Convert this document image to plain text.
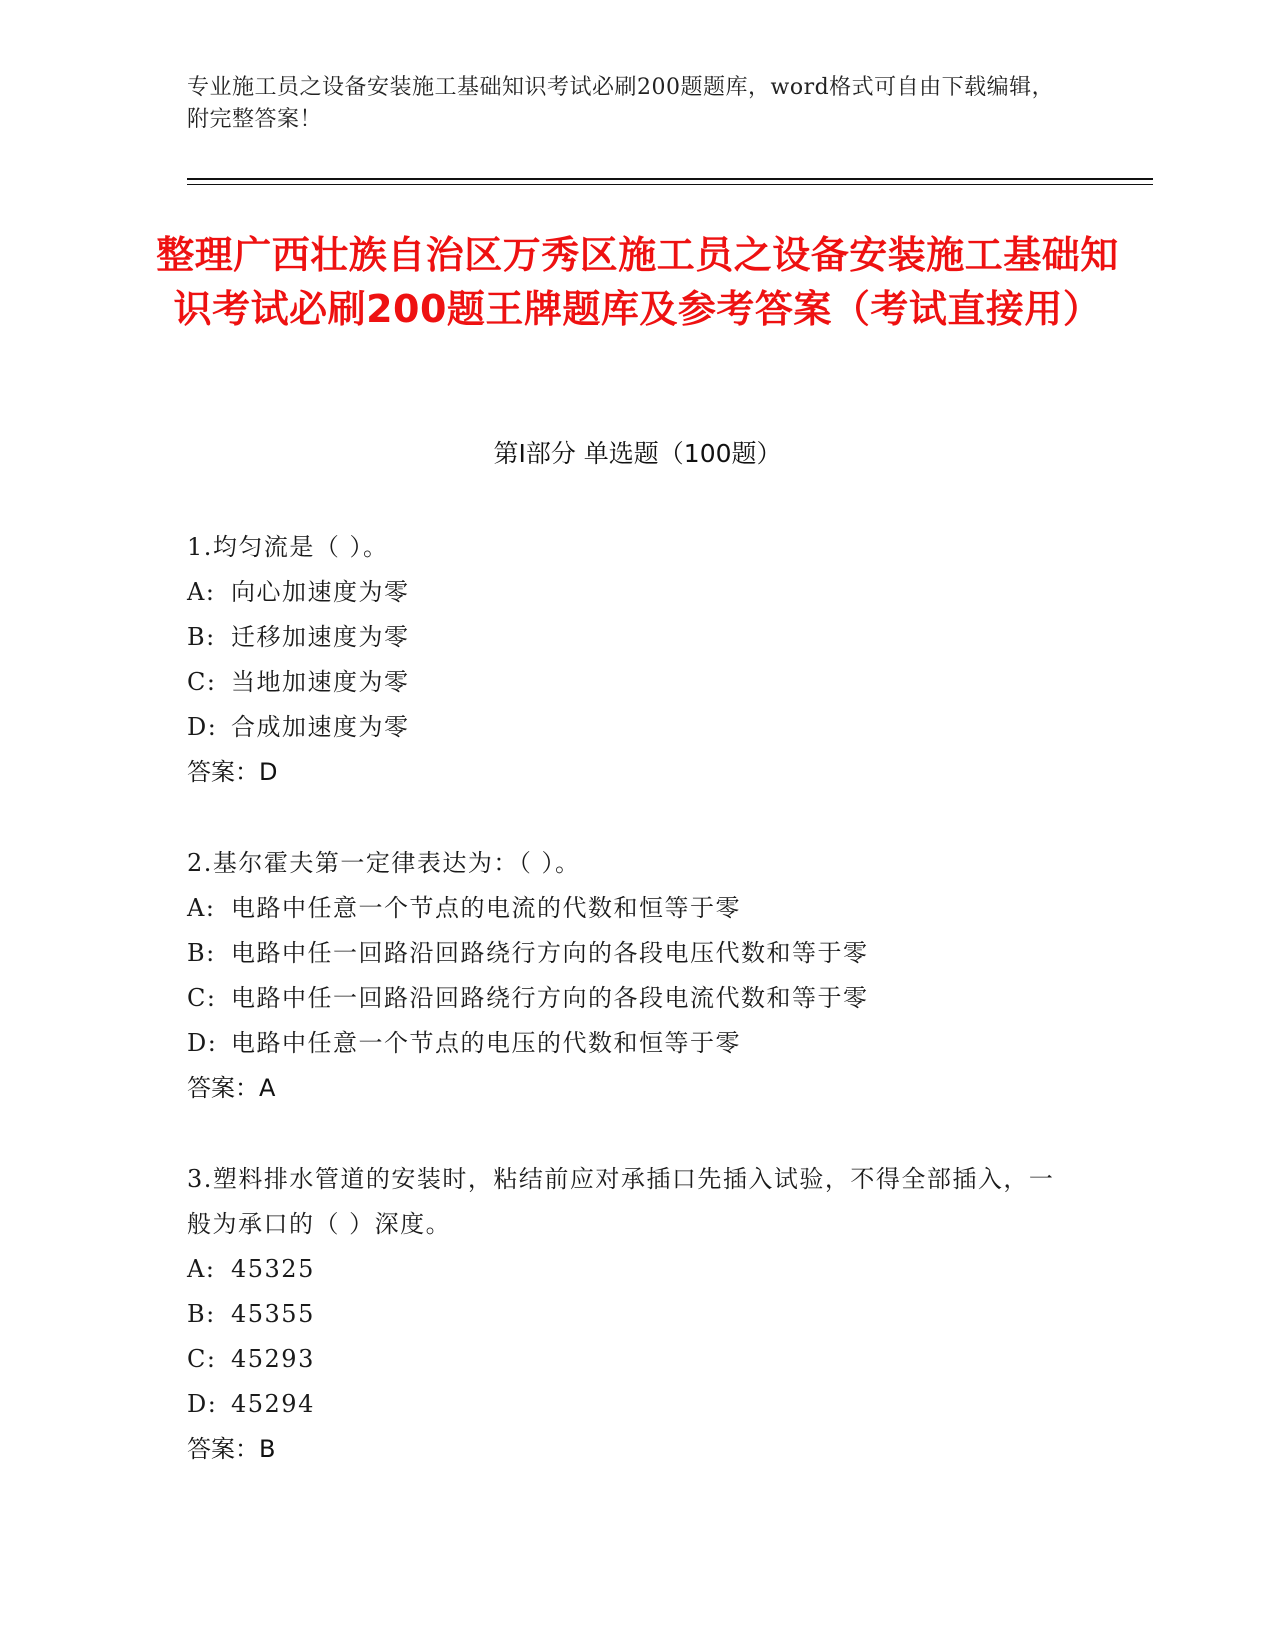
专业施工员之设备安装施工基础知识考试必刷200题题库，word格式可自由下载编辑，附完整答案！
整理广西壮族自治区万秀区施工员之设备安装施工基础知识考试必刷200题王牌题库及参考答案（考试直接用）
第Ⅰ部分 单选题（100题）

1.均匀流是（ ）。

A: 向心加速度为零

B: 迁移加速度为零

C: 当地加速度为零

D: 合成加速度为零

答案：D

2.基尔霍夫第一定律表达为：（ ）。

A: 电路中任意一个节点的电流的代数和恒等于零

B: 电路中任一回路沿回路绕行方向的各段电压代数和等于零

C: 电路中任一回路沿回路绕行方向的各段电流代数和等于零

D: 电路中任意一个节点的电压的代数和恒等于零

答案：A

3.塑料排水管道的安装时，粘结前应对承插口先插入试验，不得全部插入，一般为承口的（ ）深度。

A: 45325

B: 45355

C: 45293

D: 45294

答案：B
